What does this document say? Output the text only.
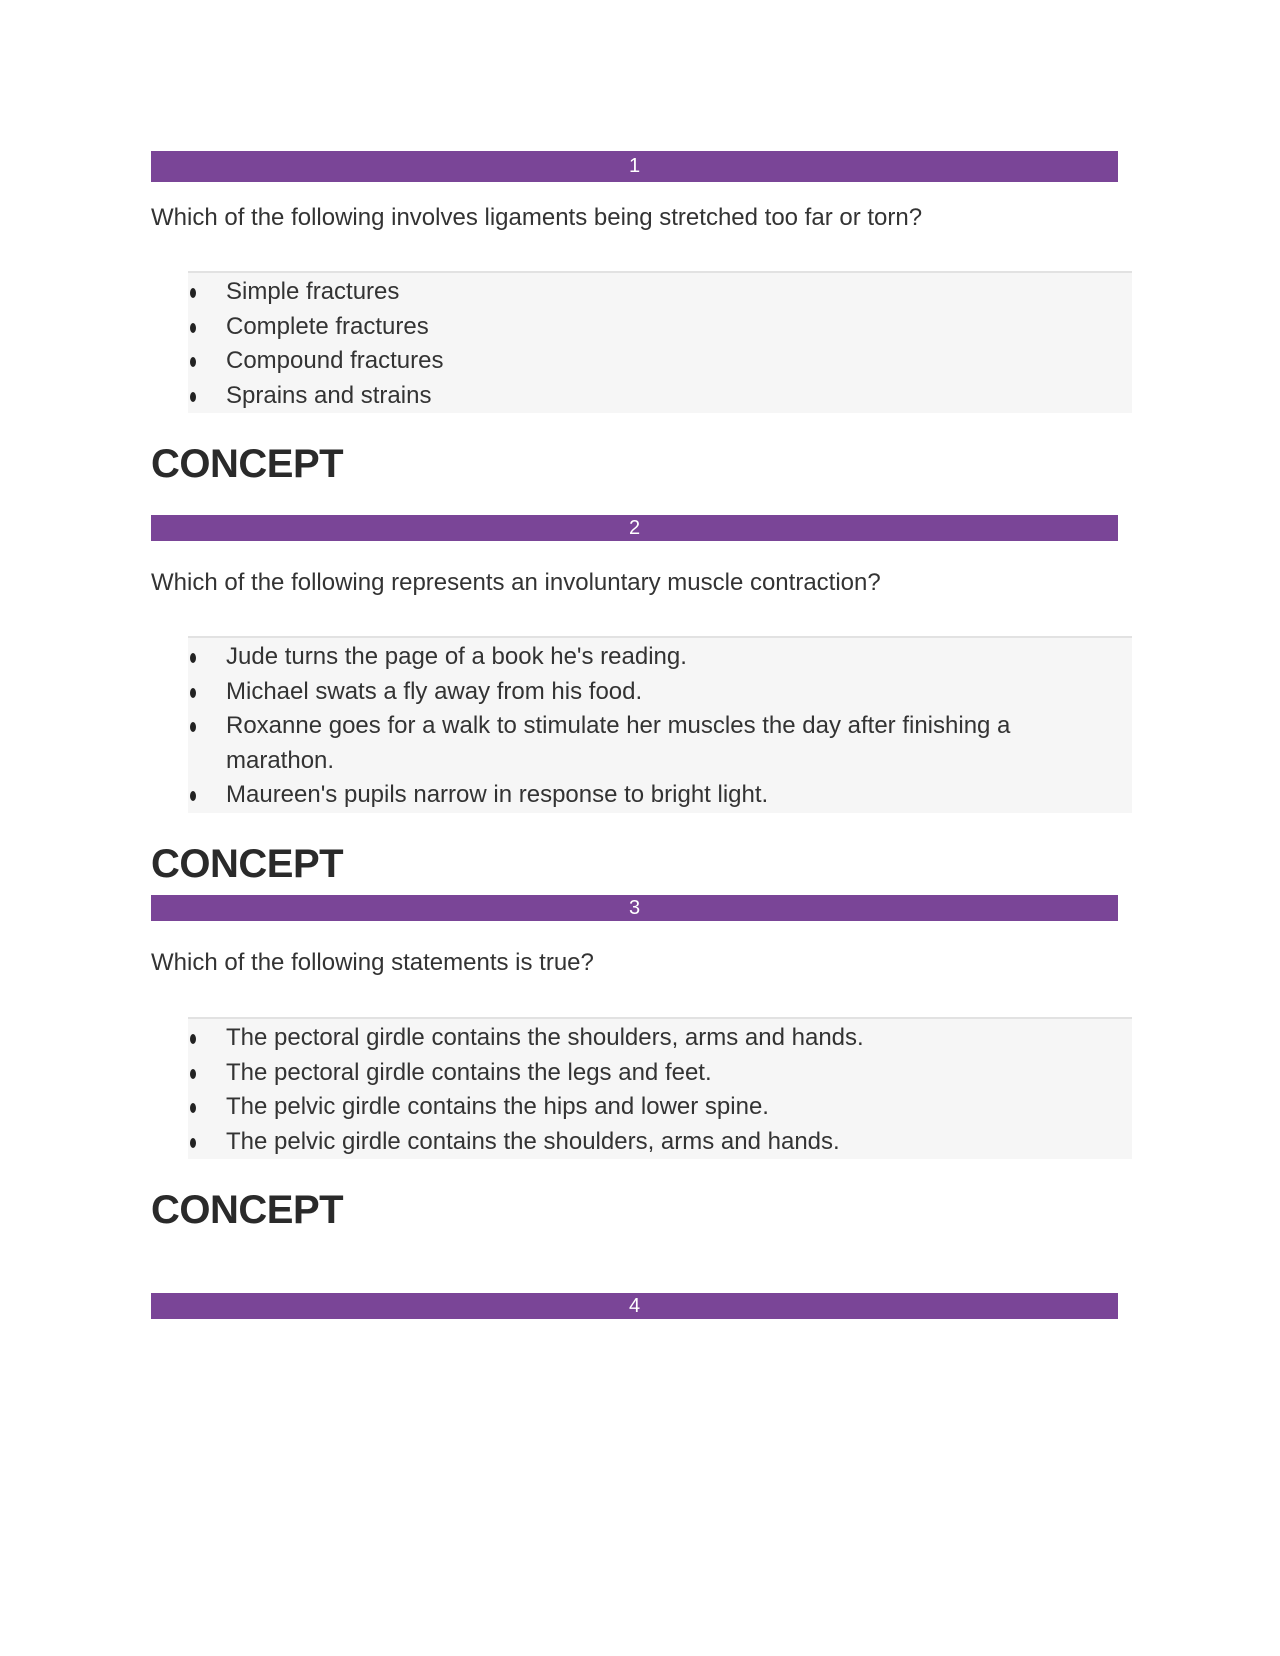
1
Which of the following involves ligaments being stretched too far or torn?
Simple fractures
Complete fractures
Compound fractures
Sprains and strains
CONCEPT
2
Which of the following represents an involuntary muscle contraction?
Jude turns the page of a book he's reading.
Michael swats a fly away from his food.
Roxanne goes for a walk to stimulate her muscles the day after finishing a marathon.
Maureen's pupils narrow in response to bright light.
CONCEPT
3
Which of the following statements is true?
The pectoral girdle contains the shoulders, arms and hands.
The pectoral girdle contains the legs and feet.
The pelvic girdle contains the hips and lower spine.
The pelvic girdle contains the shoulders, arms and hands.
CONCEPT
4
